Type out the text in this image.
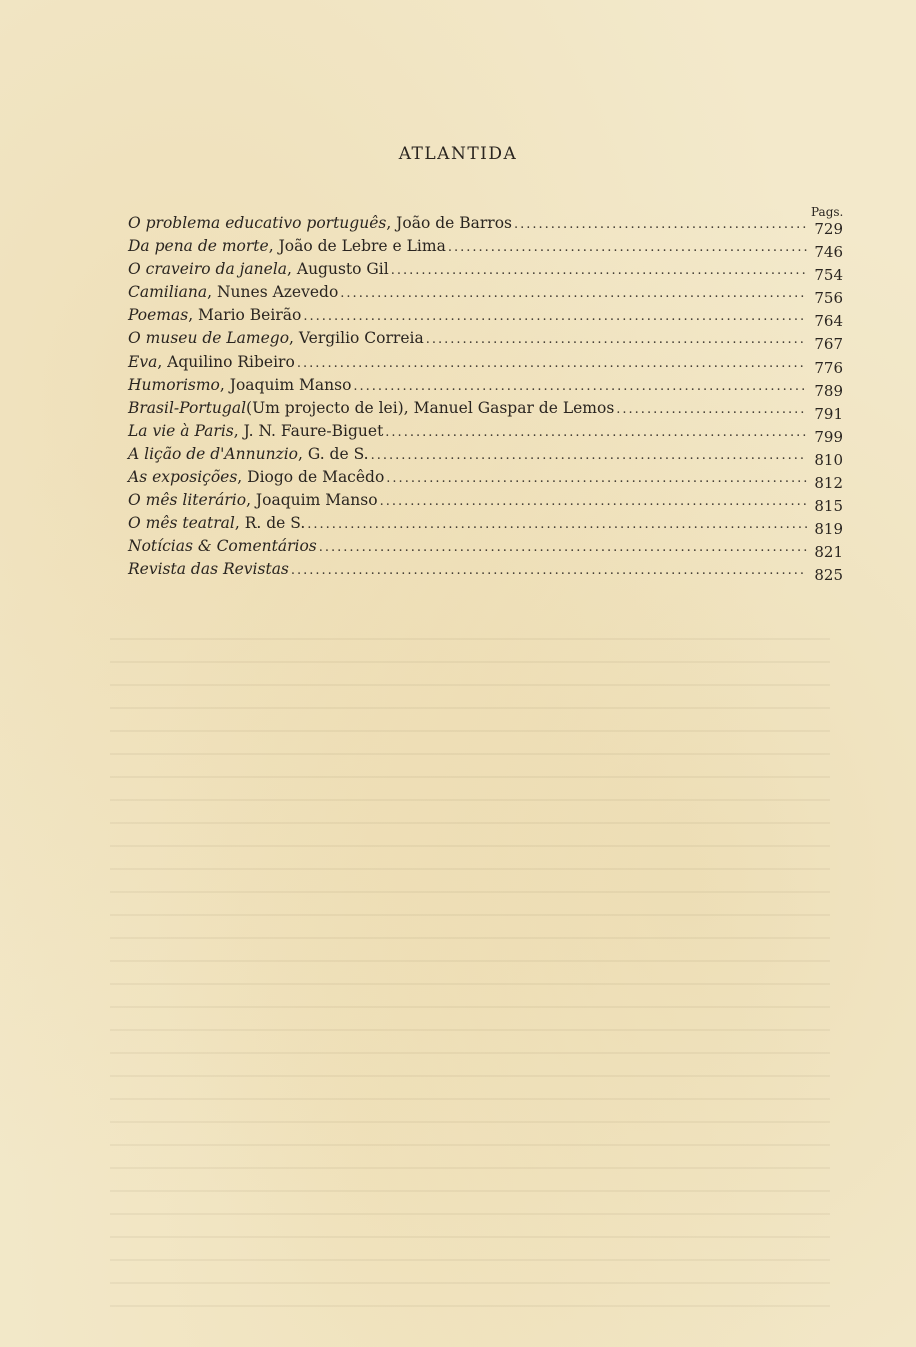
ATLANTIDA
Pags.
O problema educativo português , João de Barros .....	729
Da pena de morte , João de Lebre e Lima .....	746
O craveiro da janela , Augusto Gil .....	754
Camiliana , Nunes Azevedo .....	756
Poemas , Mario Beirão .....	764
O museu de Lamego , Vergilio Correia .....	767
Eva , Aquilino Ribeiro .....	776
Humorismo , Joaquim Manso .....	789
Brasil-Portugal (Um projecto de lei), Manuel Gaspar de Lemos .....	791
La vie à Paris , J. N. Faure-Biguet .....	799
A lição de d'Annunzio , G. de S. .....	810
As exposições , Diogo de Macêdo .....	812
O mês literário , Joaquim Manso .....	815
O mês teatral , R. de S. .....	819
Notícias & Comentários .....	821
Revista das Revistas .....	825
